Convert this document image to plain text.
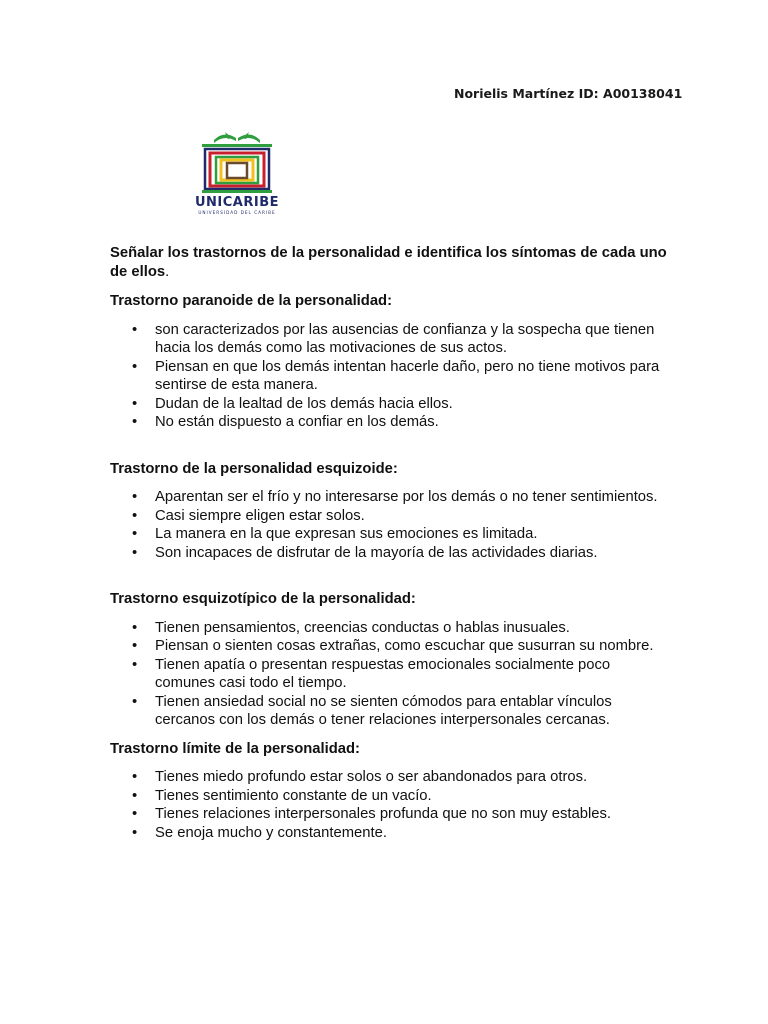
Norielis Martínez ID: A00138041
UNICARIBE
UNIVERSIDAD DEL CARIBE

Señalar los trastornos de la personalidad e identifica los síntomas de cada uno de ellos.

Trastorno paranoide de la personalidad:
• son caracterizados por las ausencias de confianza y la sospecha que tienen hacia los demás como las motivaciones de sus actos.
• Piensan en que los demás intentan hacerle daño, pero no tiene motivos para sentirse de esta manera.
• Dudan de la lealtad de los demás hacia ellos.
• No están dispuesto a confiar en los demás.
Trastorno de la personalidad esquizoide:
• Aparentan ser el frío y no interesarse por los demás o no tener sentimientos.
• Casi siempre eligen estar solos.
• La manera en la que expresan sus emociones es limitada.
• Son incapaces de disfrutar de la mayoría de las actividades diarias.
Trastorno esquizotípico de la personalidad:
• Tienen pensamientos, creencias conductas o hablas inusuales.
• Piensan o sienten cosas extrañas, como escuchar que susurran su nombre.
• Tienen apatía o presentan respuestas emocionales socialmente poco comunes casi todo el tiempo.
• Tienen ansiedad social no se sienten cómodos para entablar vínculos cercanos con los demás o tener relaciones interpersonales cercanas.
Trastorno límite de la personalidad:
• Tienes miedo profundo estar solos o ser abandonados para otros.
• Tienes sentimiento constante de un vacío.
• Tienes relaciones interpersonales profunda que no son muy estables.
• Se enoja mucho y constantemente.
